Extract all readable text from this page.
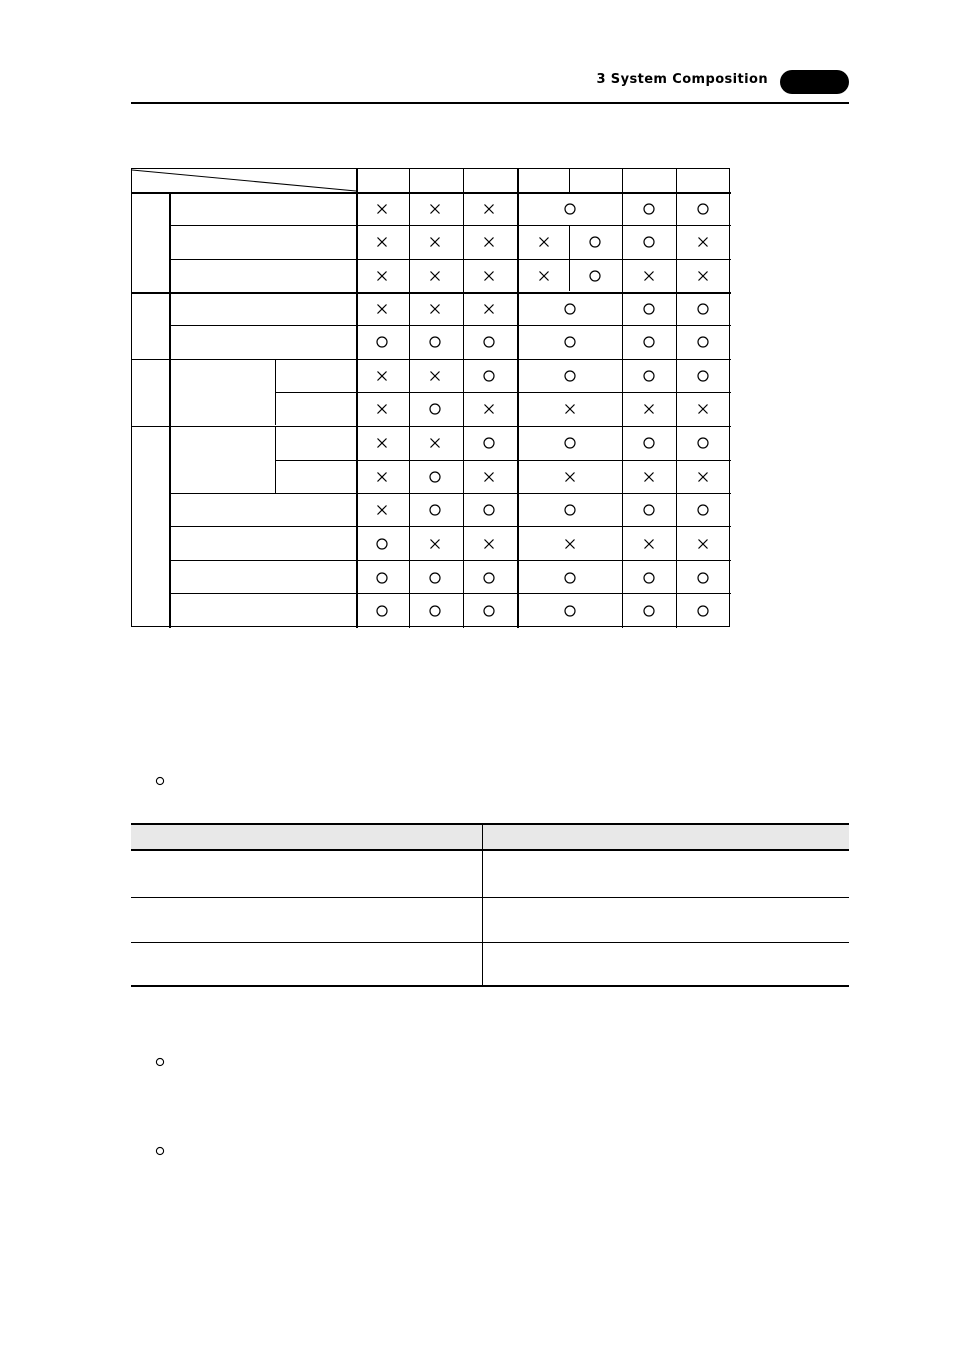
3 System Composition
